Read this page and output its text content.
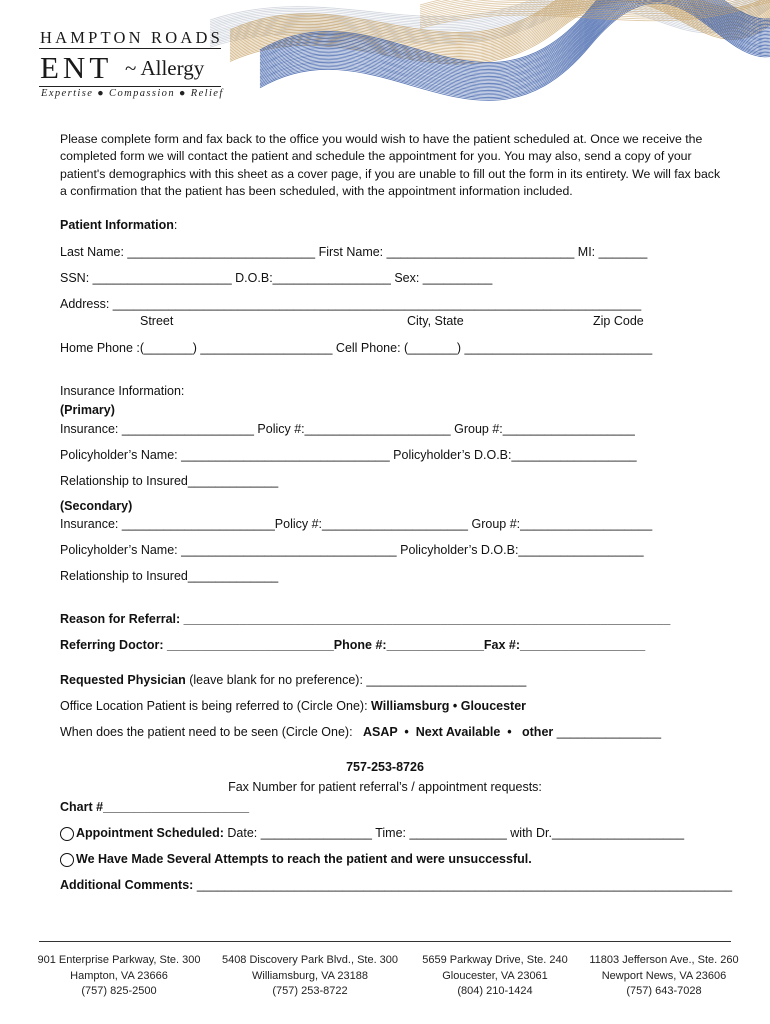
HAMPTON ROADS
ENT ~ Allergy
Expertise ● Compassion ● Relief
Please complete form and fax back to the office you would wish to have the patient scheduled at. Once we receive the completed form we will contact the patient and schedule the appointment for you. You may also, send a copy of your patient's demographics with this sheet as a cover page, if you are unable to fill out the form in its entirety. We will fax back a confirmation that the patient has been scheduled, with the appointment information included.
Patient Information:
Last Name: ___________________________ First Name: ___________________________ MI: _______
SSN: ____________________ D.O.B:_________________ Sex: __________
Address: ____________________________________________________________________________
Street	City, State	Zip Code
Home Phone :(_______) ___________________ Cell Phone: (_______) ___________________________
Insurance Information:
(Primary)
Insurance: ___________________ Policy #:_____________________ Group #:___________________
Policyholder’s Name: ______________________________ Policyholder’s D.O.B:__________________
Relationship to Insured_____________
(Secondary)
Insurance: ______________________Policy #:_____________________ Group #:___________________
Policyholder’s Name: _______________________________ Policyholder’s D.O.B:__________________
Relationship to Insured_____________
Reason for Referral: ______________________________________________________________________
Referring Doctor: ________________________Phone #:______________Fax #:__________________
Requested Physician (leave blank for no preference): _______________________
Office Location Patient is being referred to (Circle One): Williamsburg • Gloucester
When does the patient need to be seen (Circle One):   ASAP  •  Next Available  •   other _______________
757-253-8726
Fax Number for patient referral’s / appointment requests:
Chart #_____________________
Appointment Scheduled: Date: ________________ Time: ______________ with Dr.___________________
We Have Made Several Attempts to reach the patient and were unsuccessful.
Additional Comments: _____________________________________________________________________________
901 Enterprise Parkway, Ste. 300
Hampton, VA 23666
(757) 825-2500
5408 Discovery Park Blvd., Ste. 300
Williamsburg, VA 23188
(757) 253-8722
5659 Parkway Drive, Ste. 240
Gloucester, VA 23061
(804) 210-1424
11803 Jefferson Ave., Ste. 260
Newport News, VA 23606
(757) 643-7028
